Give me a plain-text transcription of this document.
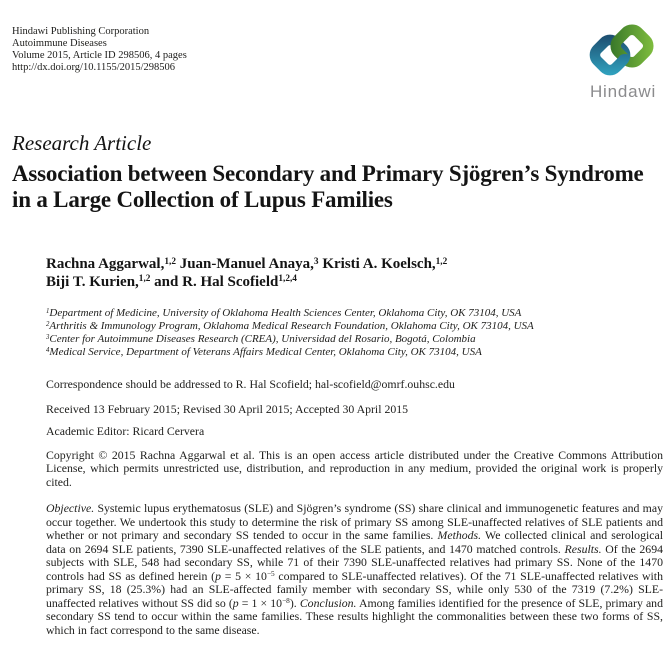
Hindawi Publishing Corporation
Autoimmune Diseases
Volume 2015, Article ID 298506, 4 pages
http://dx.doi.org/10.1155/2015/298506
Hindawi
Research Article
Association between Secondary and Primary Sjögren’s Syndrome in a Large Collection of Lupus Families
Rachna Aggarwal,$^{1,2}$ Juan-Manuel Anaya,$^3$ Kristi A. Koelsch,$^{1,2}$
Biji T. Kurien,$^{1,2}$ and R. Hal Scofield$^{1,2,4}$
$^1$Department of Medicine, University of Oklahoma Health Sciences Center, Oklahoma City, OK 73104, USA
$^2$Arthritis & Immunology Program, Oklahoma Medical Research Foundation, Oklahoma City, OK 73104, USA
$^3$Center for Autoimmune Diseases Research (CREA), Universidad del Rosario, Bogotá, Colombia
$^4$Medical Service, Department of Veterans Affairs Medical Center, Oklahoma City, OK 73104, USA
Correspondence should be addressed to R. Hal Scofield; hal-scofield@omrf.ouhsc.edu
Received 13 February 2015; Revised 30 April 2015; Accepted 30 April 2015
Academic Editor: Ricard Cervera
Copyright © 2015 Rachna Aggarwal et al. This is an open access article distributed under the Creative Commons Attribution License, which permits unrestricted use, distribution, and reproduction in any medium, provided the original work is properly cited.
Objective. Systemic lupus erythematosus (SLE) and Sjögren’s syndrome (SS) share clinical and immunogenetic features and may occur together. We undertook this study to determine the risk of primary SS among SLE-unaffected relatives of SLE patients and whether or not primary and secondary SS tended to occur in the same families. Methods. We collected clinical and serological data on 2694 SLE patients, 7390 SLE-unaffected relatives of the SLE patients, and 1470 matched controls. Results. Of the 2694 subjects with SLE, 548 had secondary SS, while 71 of their 7390 SLE-unaffected relatives had primary SS. None of the 1470 controls had SS as defined herein (p = 5 × 10$^{-5}$ compared to SLE-unaffected relatives). Of the 71 SLE-unaffected relatives with primary SS, 18 (25.3%) had an SLE-affected family member with secondary SS, while only 530 of the 7319 (7.2%) SLE-unaffected relatives without SS did so (p = 1 × 10$^{-8}$). Conclusion. Among families identified for the presence of SLE, primary and secondary SS tend to occur within the same families. These results highlight the commonalities between these two forms of SS, which in fact correspond to the same disease.
